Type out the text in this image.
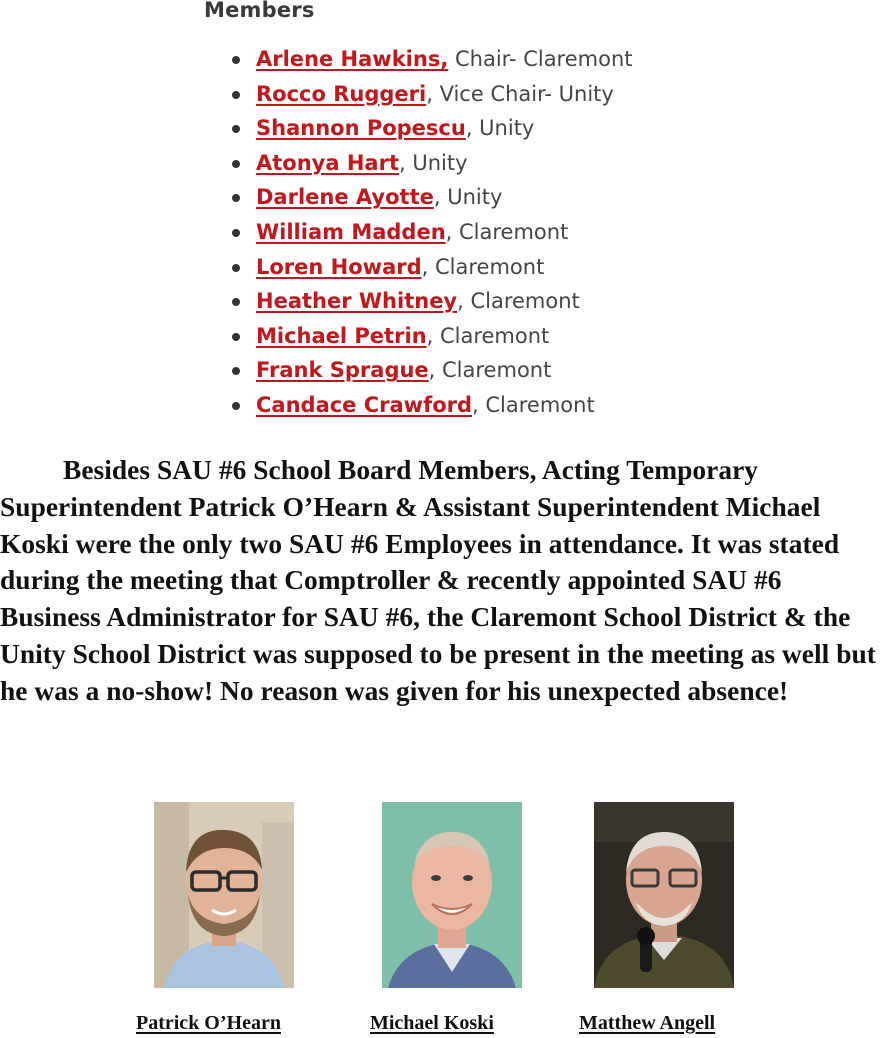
Members
Arlene Hawkins, Chair- Claremont
Rocco Ruggeri, Vice Chair- Unity
Shannon Popescu, Unity
Atonya Hart, Unity
Darlene Ayotte, Unity
William Madden, Claremont
Loren Howard, Claremont
Heather Whitney, Claremont
Michael Petrin, Claremont
Frank Sprague, Claremont
Candace Crawford, Claremont

Besides SAU #6 School Board Members, Acting Temporary Superintendent Patrick O’Hearn & Assistant Superintendent Michael Koski were the only two SAU #6 Employees in attendance. It was stated during the meeting that Comptroller & recently appointed SAU #6 Business Administrator for SAU #6, the Claremont School District & the Unity School District was supposed to be present in the meeting as well but he was a no-show! No reason was given for his unexpected absence!

Patrick O’Hearn	Michael Koski	Matthew Angell
